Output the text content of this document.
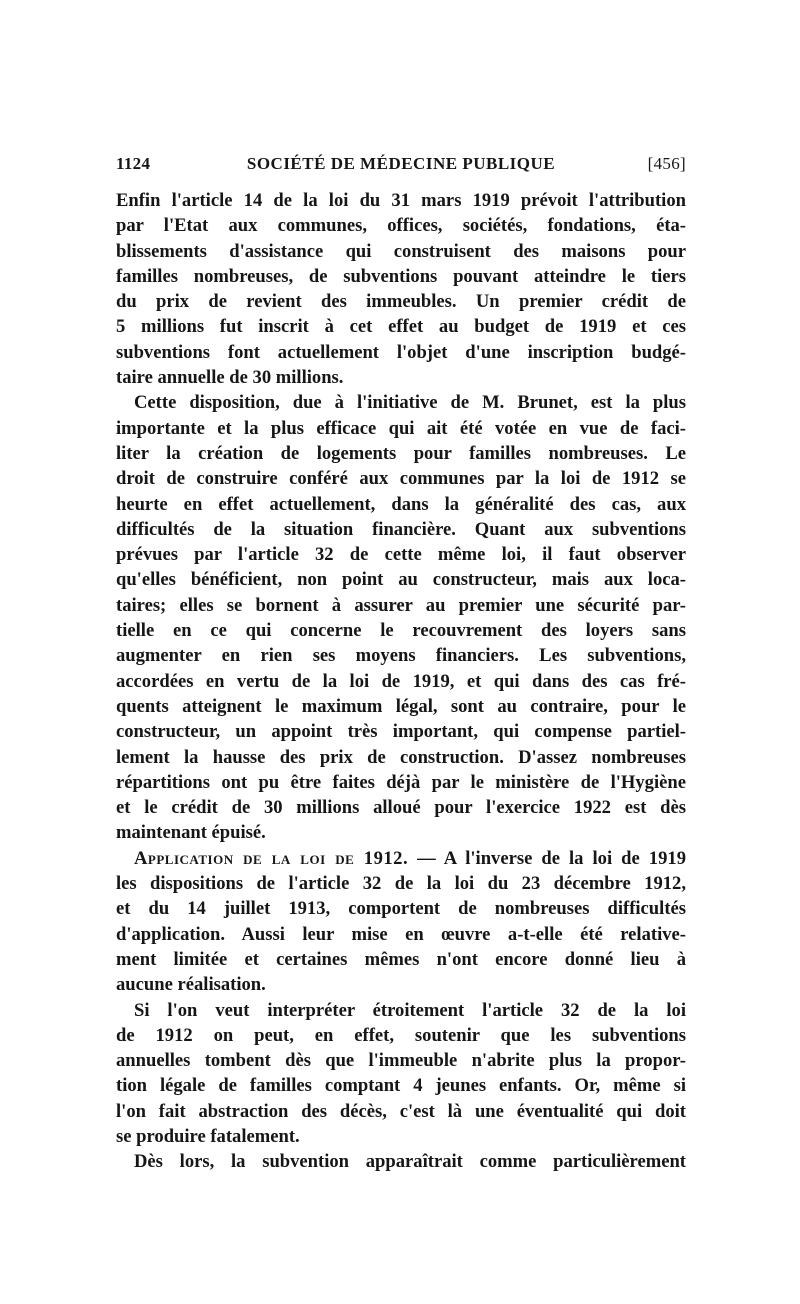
1124	SOCIÉTÉ DE MÉDECINE PUBLIQUE	[456]
Enfin l'article 14 de la loi du 31 mars 1919 prévoit l'attribution
par l'Etat aux communes, offices, sociétés, fondations, éta-
blissements d'assistance qui construisent des maisons pour
familles nombreuses, de subventions pouvant atteindre le tiers
du prix de revient des immeubles. Un premier crédit de
5 millions fut inscrit à cet effet au budget de 1919 et ces
subventions font actuellement l'objet d'une inscription budgé-
taire annuelle de 30 millions.
Cette disposition, due à l'initiative de M. Brunet, est la plus
importante et la plus efficace qui ait été votée en vue de faci-
liter la création de logements pour familles nombreuses. Le
droit de construire conféré aux communes par la loi de 1912 se
heurte en effet actuellement, dans la généralité des cas, aux
difficultés de la situation financière. Quant aux subventions
prévues par l'article 32 de cette même loi, il faut observer
qu'elles bénéficient, non point au constructeur, mais aux loca-
taires; elles se bornent à assurer au premier une sécurité par-
tielle en ce qui concerne le recouvrement des loyers sans
augmenter en rien ses moyens financiers. Les subventions,
accordées en vertu de la loi de 1919, et qui dans des cas fré-
quents atteignent le maximum légal, sont au contraire, pour le
constructeur, un appoint très important, qui compense partiel-
lement la hausse des prix de construction. D'assez nombreuses
répartitions ont pu être faites déjà par le ministère de l'Hygiène
et le crédit de 30 millions alloué pour l'exercice 1922 est dès
maintenant épuisé.
Application de la loi de 1912. — A l'inverse de la loi de 1919
les dispositions de l'article 32 de la loi du 23 décembre 1912,
et du 14 juillet 1913, comportent de nombreuses difficultés
d'application. Aussi leur mise en œuvre a-t-elle été relative-
ment limitée et certaines mêmes n'ont encore donné lieu à
aucune réalisation.
Si l'on veut interpréter étroitement l'article 32 de la loi
de 1912 on peut, en effet, soutenir que les subventions
annuelles tombent dès que l'immeuble n'abrite plus la propor-
tion légale de familles comptant 4 jeunes enfants. Or, même si
l'on fait abstraction des décès, c'est là une éventualité qui doit
se produire fatalement.
Dès lors, la subvention apparaîtrait comme particulièrement
